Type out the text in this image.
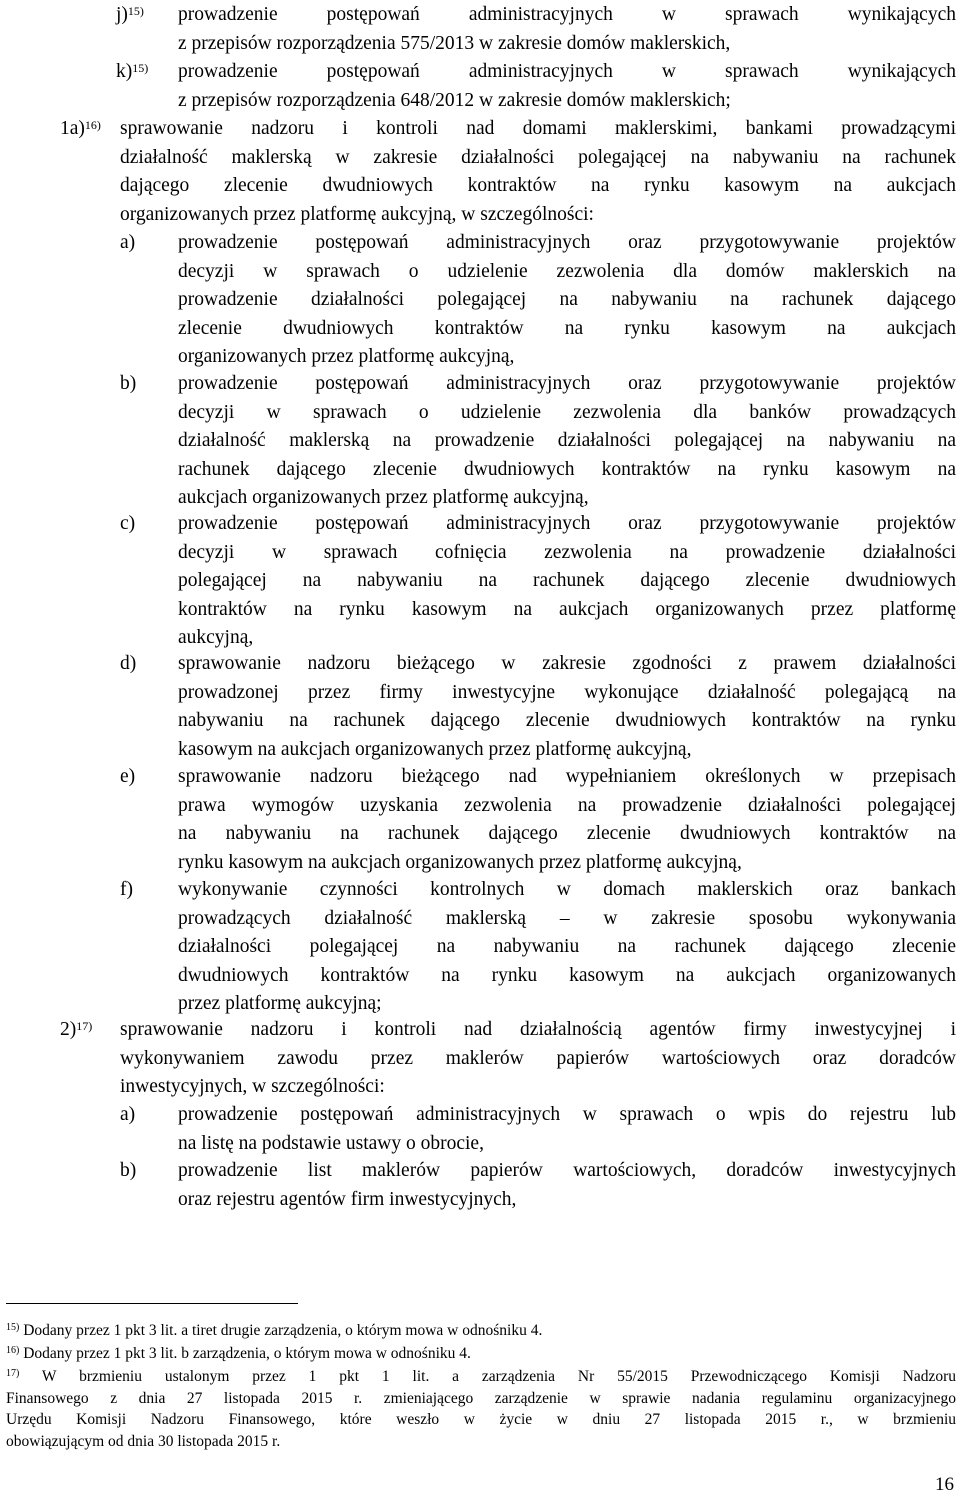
j)$^{15)}$ prowadzenie postępowań administracyjnych w sprawach wynikających
z przepisów rozporządzenia 575/2013 w zakresie domów maklerskich,
k)$^{15)}$ prowadzenie postępowań administracyjnych w sprawach wynikających
z przepisów rozporządzenia 648/2012 w zakresie domów maklerskich;
1a)$^{16)}$ sprawowanie nadzoru i kontroli nad domami maklerskimi, bankami prowadzącymi
działalność maklerską w zakresie działalności polegającej na nabywaniu na rachunek
dającego zlecenie dwudniowych kontraktów na rynku kasowym na aukcjach
organizowanych przez platformę aukcyjną, w szczególności:
a) prowadzenie postępowań administracyjnych oraz przygotowywanie projektów
decyzji w sprawach o udzielenie zezwolenia dla domów maklerskich na
prowadzenie działalności polegającej na nabywaniu na rachunek dającego
zlecenie dwudniowych kontraktów na rynku kasowym na aukcjach
organizowanych przez platformę aukcyjną,
b) prowadzenie postępowań administracyjnych oraz przygotowywanie projektów
decyzji w sprawach o udzielenie zezwolenia dla banków prowadzących
działalność maklerską na prowadzenie działalności polegającej na nabywaniu na
rachunek dającego zlecenie dwudniowych kontraktów na rynku kasowym na
aukcjach organizowanych przez platformę aukcyjną,
c) prowadzenie postępowań administracyjnych oraz przygotowywanie projektów
decyzji w sprawach cofnięcia zezwolenia na prowadzenie działalności
polegającej na nabywaniu na rachunek dającego zlecenie dwudniowych
kontraktów na rynku kasowym na aukcjach organizowanych przez platformę
aukcyjną,
d) sprawowanie nadzoru bieżącego w zakresie zgodności z prawem działalności
prowadzonej przez firmy inwestycyjne wykonujące działalność polegającą na
nabywaniu na rachunek dającego zlecenie dwudniowych kontraktów na rynku
kasowym na aukcjach organizowanych przez platformę aukcyjną,
e) sprawowanie nadzoru bieżącego nad wypełnianiem określonych w przepisach
prawa wymogów uzyskania zezwolenia na prowadzenie działalności polegającej
na nabywaniu na rachunek dającego zlecenie dwudniowych kontraktów na
rynku kasowym na aukcjach organizowanych przez platformę aukcyjną,
f) wykonywanie czynności kontrolnych w domach maklerskich oraz bankach
prowadzących działalność maklerską – w zakresie sposobu wykonywania
działalności polegającej na nabywaniu na rachunek dającego zlecenie
dwudniowych kontraktów na rynku kasowym na aukcjach organizowanych
przez platformę aukcyjną;
2)$^{17)}$ sprawowanie nadzoru i kontroli nad działalnością agentów firmy inwestycyjnej i
wykonywaniem zawodu przez maklerów papierów wartościowych oraz doradców
inwestycyjnych, w szczególności:
a) prowadzenie postępowań administracyjnych w sprawach o wpis do rejestru lub
na listę na podstawie ustawy o obrocie,
b) prowadzenie list maklerów papierów wartościowych, doradców inwestycyjnych
oraz rejestru agentów firm inwestycyjnych,
$^{15)}$ Dodany przez 1 pkt 3 lit. a tiret drugie zarządzenia, o którym mowa w odnośniku 4.
$^{16)}$ Dodany przez 1 pkt 3 lit. b zarządzenia, o którym mowa w odnośniku 4.
$^{17)}$ W brzmieniu ustalonym przez 1 pkt 1 lit. a zarządzenia Nr 55/2015 Przewodniczącego Komisji Nadzoru
Finansowego z dnia 27 listopada 2015 r. zmieniającego zarządzenie w sprawie nadania regulaminu organizacyjnego
Urzędu Komisji Nadzoru Finansowego, które weszło w życie w dniu 27 listopada 2015 r., w brzmieniu
obowiązującym od dnia 30 listopada 2015 r.
16
